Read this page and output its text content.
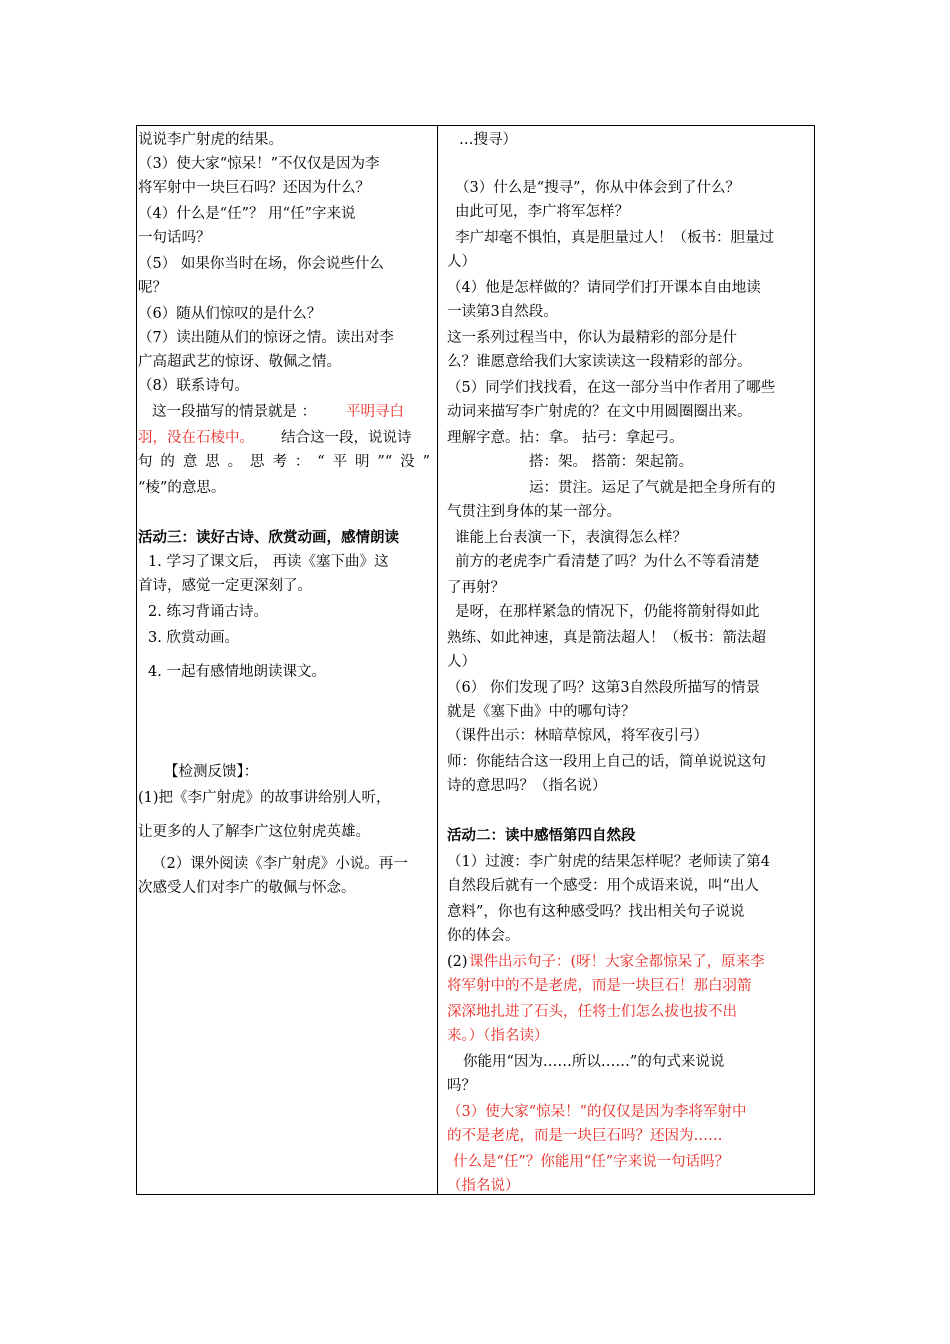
说说李广射虎的结果。
（3）使大家“惊呆！”不仅仅是因为李
将军射中一块巨石吗？还因为什么？
（4）什么是“任”？ 用“任”字来说
一句话吗？
（5） 如果你当时在场，你会说些什么
呢？
（6）随从们惊叹的是什么？
（7）读出随从们的惊讶之情。读出对李
广高超武艺的惊讶、敬佩之情。
（8）联系诗句。
这一段描写的情景就是 ： 平明寻白
羽，没在石棱中。 结合这一段，说说诗
句的意思。思考：“平明”“没”
“棱”的意思。
活动三：读好古诗、欣赏动画，感情朗读
1. 学习了课文后， 再读《塞下曲》这
首诗，感觉一定更深刻了。
2. 练习背诵古诗。
3. 欣赏动画。
4. 一起有感情地朗读课文。
【检测反馈】：
(1)把《李广射虎》的故事讲给别人听，
让更多的人了解李广这位射虎英雄。
（2）课外阅读《李广射虎》小说。再一
次感受人们对李广的敬佩与怀念。
…搜寻）
（3）什么是“搜寻”，你从中体会到了什么？
由此可见，李广将军怎样？
李广却毫不惧怕，真是胆量过人！（板书：胆量过
人）
（4）他是怎样做的？请同学们打开课本自由地读
一读第3自然段。
这一系列过程当中，你认为最精彩的部分是什
么？谁愿意给我们大家读读这一段精彩的部分。
（5）同学们找找看，在这一部分当中作者用了哪些
动词来描写李广射虎的？在文中用圆圈圈出来。
理解字意。拈：拿。 拈弓：拿起弓。
搭：架。 搭箭：架起箭。
运：贯注。运足了气就是把全身所有的
气贯注到身体的某一部分。
谁能上台表演一下，表演得怎么样？
前方的老虎李广看清楚了吗？为什么不等看清楚
了再射？
是呀，在那样紧急的情况下，仍能将箭射得如此
熟练、如此神速，真是箭法超人！（板书：箭法超
人）
（6） 你们发现了吗？这第3自然段所描写的情景
就是《塞下曲》中的哪句诗？
（课件出示：林暗草惊风，将军夜引弓）
师：你能结合这一段用上自己的话，简单说说这句
诗的意思吗？（指名说）
活动二：读中感悟第四自然段
（1）过渡：李广射虎的结果怎样呢？老师读了第4
自然段后就有一个感受：用个成语来说，叫“出人
意料”，你也有这种感受吗？找出相关句子说说
你的体会。
(2) 课件出示句子：(呀！大家全都惊呆了，原来李
将军射中的不是老虎，而是一块巨石！那白羽箭
深深地扎进了石头，任将士们怎么拔也拔不出
来。）（指名读）
你能用“因为……所以……”的句式来说说
吗？
（3）使大家“惊呆！”的仅仅是因为李将军射中
的不是老虎，而是一块巨石吗？还因为……
什么是“任”？你能用“任”字来说一句话吗？
（指名说）
